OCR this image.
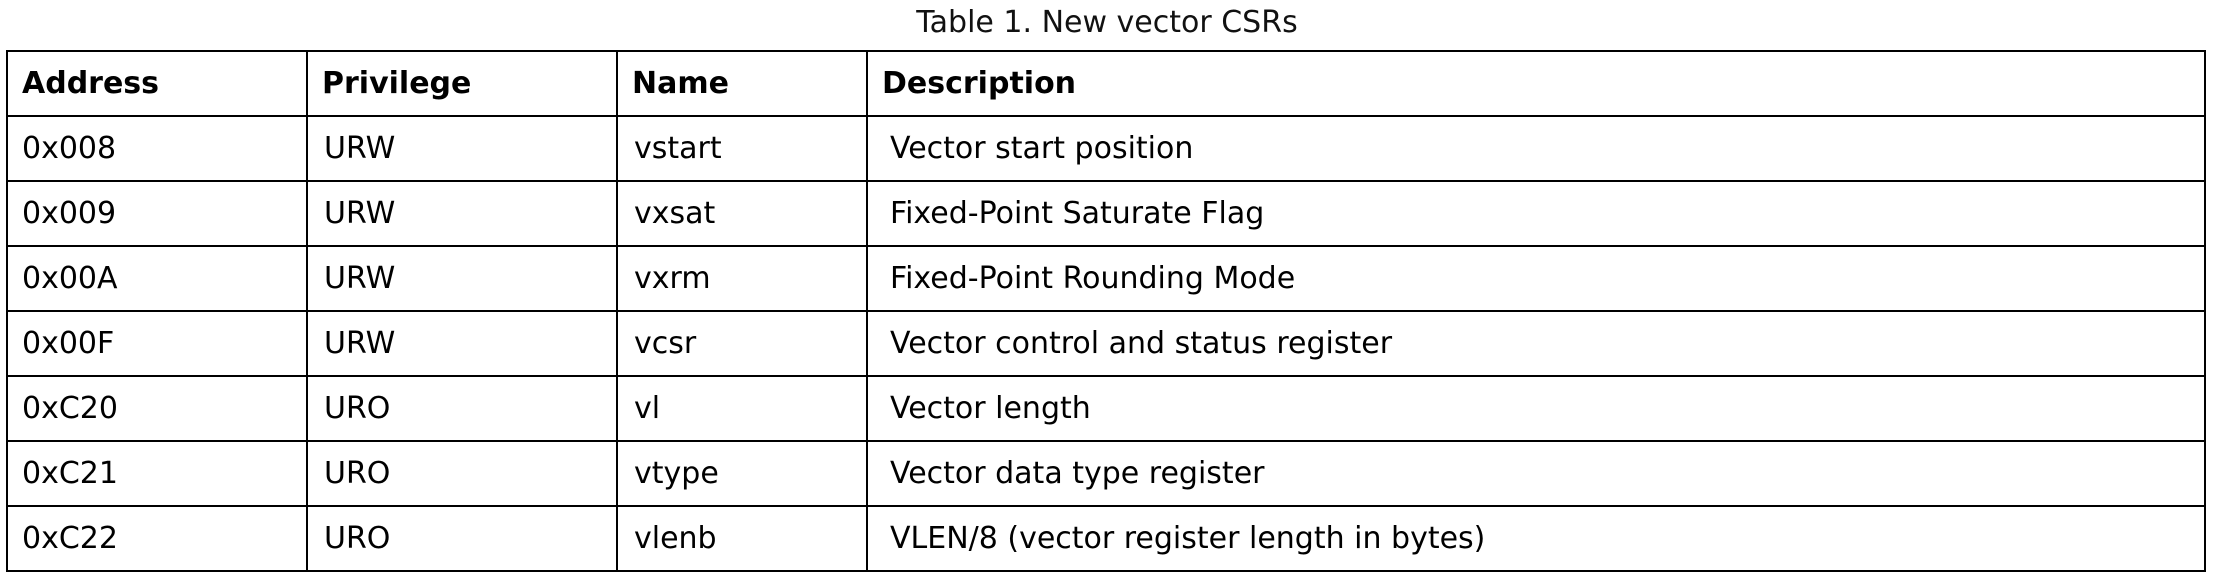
Table 1. New vector CSRs
Address	Privilege	Name	Description
0x008	URW	vstart	Vector start position
0x009	URW	vxsat	Fixed-Point Saturate Flag
0x00A	URW	vxrm	Fixed-Point Rounding Mode
0x00F	URW	vcsr	Vector control and status register
0xC20	URO	vl	Vector length
0xC21	URO	vtype	Vector data type register
0xC22	URO	vlenb	VLEN/8 (vector register length in bytes)
